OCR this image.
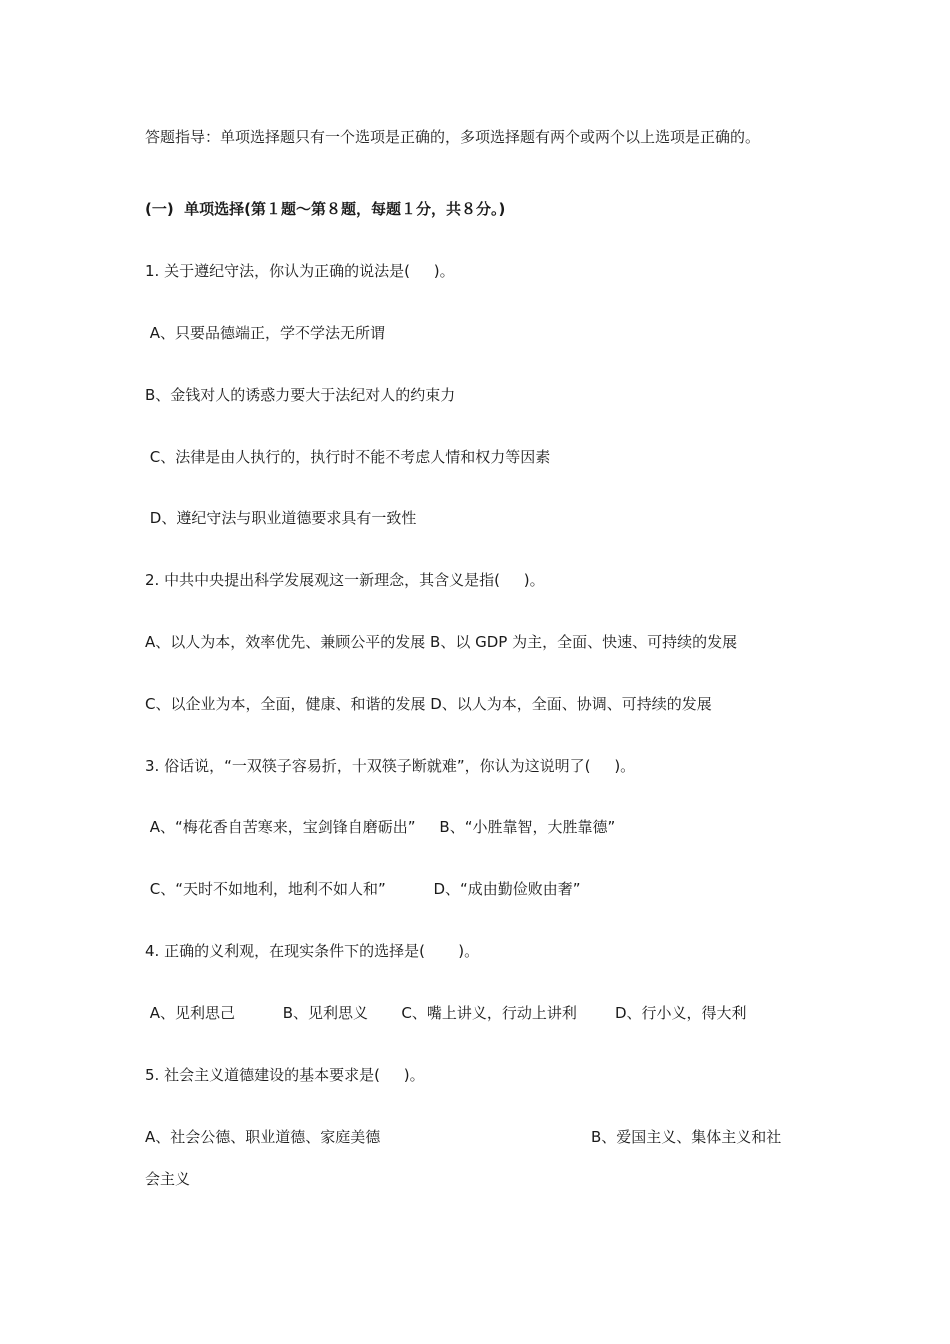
答题指导：单项选择题只有一个选项是正确的，多项选择题有两个或两个以上选项是正确的。
(一)  单项选择(第１题～第８题，每题１分，共８分。)
1. 关于遵纪守法，你认为正确的说法是(     )。
A、只要品德端正，学不学法无所谓
B、金钱对人的诱惑力要大于法纪对人的约束力
C、法律是由人执行的，执行时不能不考虑人情和权力等因素
D、遵纪守法与职业道德要求具有一致性
2. 中共中央提出科学发展观这一新理念，其含义是指(     )。
A、以人为本，效率优先、兼顾公平的发展 B、以 GDP 为主，全面、快速、可持续的发展
C、以企业为本，全面，健康、和谐的发展 D、以人为本，全面、协调、可持续的发展
3. 俗话说，“一双筷子容易折，十双筷子断就难”，你认为这说明了(     )。
A、“梅花香自苦寒来，宝剑锋自磨砺出”     B、“小胜靠智，大胜靠德”
C、“天时不如地利，地利不如人和”          D、“成由勤俭败由奢”
4. 正确的义利观，在现实条件下的选择是(       )。
A、见利思己          B、见利思义       C、嘴上讲义，行动上讲利        D、行小义，得大利
5. 社会主义道德建设的基本要求是(     )。
A、社会公德、职业道德、家庭美德	B、爱国主义、集体主义和社
会主义
